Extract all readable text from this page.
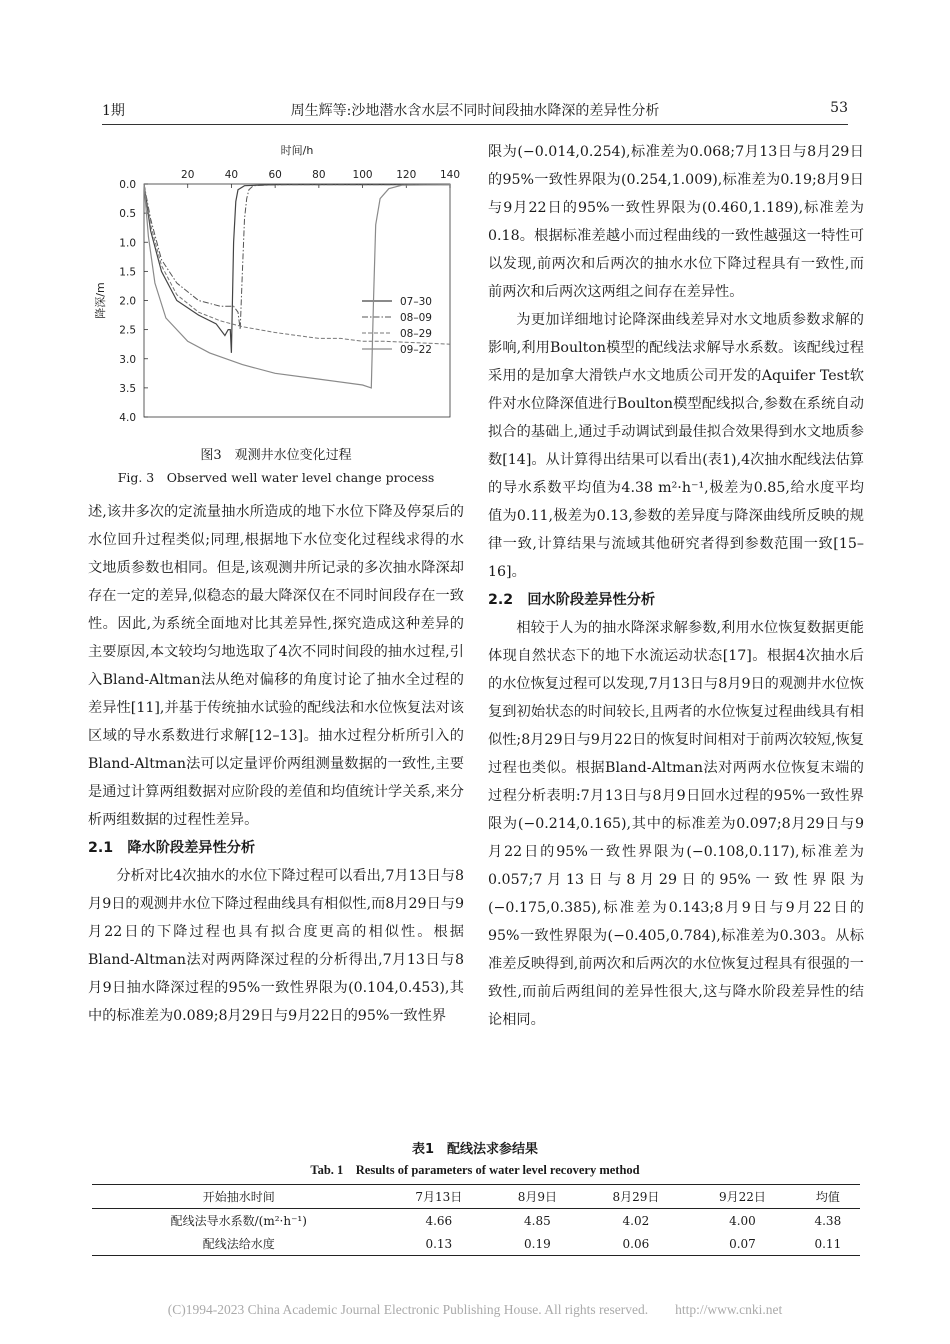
1期	周生辉等:沙地潜水含水层不同时间段抽水降深的差异性分析	53
时间/h
20	40	60	80	100 120 140
0.0
0.5
1.0
1.5
2.0
2.5
3.0
3.5
4.0
降深/m	07–30
08–09
08–29
09–22
图3　观测井水位变化过程
Fig. 3　Observed well water level change process

述,该井多次的定流量抽水所造成的地下水位下降及停泵后的水位回升过程类似;同理,根据地下水位变化过程线求得的水文地质参数也相同。但是,该观测井所记录的多次抽水降深却存在一定的差异,似稳态的最大降深仅在不同时间段存在一致性。因此,为系统全面地对比其差异性,探究造成这种差异的主要原因,本文较均匀地选取了4次不同时间段的抽水过程,引入Bland-Altman法从绝对偏移的角度讨论了抽水全过程的差异性[11],并基于传统抽水试验的配线法和水位恢复法对该区域的导水系数进行求解[12–13]。抽水过程分析所引入的Bland-Altman法可以定量评价两组测量数据的一致性,主要是通过计算两组数据对应阶段的差值和均值统计学关系,来分析两组数据的过程性差异。

2.1　降水阶段差异性分析

分析对比4次抽水的水位下降过程可以看出,7月13日与8月9日的观测井水位下降过程曲线具有相似性,而8月29日与9月22日的下降过程也具有拟合度更高的相似性。根据Bland-Altman法对两两降深过程的分析得出,7月13日与8月9日抽水降深过程的95%一致性界限为(0.104,0.453),其中的标准差为0.089;8月29日与9月22日的95%一致性界

限为(−0.014,0.254),标准差为0.068;7月13日与8月29日的95%一致性界限为(0.254,1.009),标准差为0.19;8月9日与9月22日的95%一致性界限为(0.460,1.189),标准差为0.18。根据标准差越小而过程曲线的一致性越强这一特性可以发现,前两次和后两次的抽水水位下降过程具有一致性,而前两次和后两次这两组之间存在差异性。

为更加详细地讨论降深曲线差异对水文地质参数求解的影响,利用Boulton模型的配线法求解导水系数。该配线过程采用的是加拿大滑铁卢水文地质公司开发的Aquifer Test软件对水位降深值进行Boulton模型配线拟合,参数在系统自动拟合的基础上,通过手动调试到最佳拟合效果得到水文地质参数[14]。从计算得出结果可以看出(表1),4次抽水配线法估算的导水系数平均值为4.38 m²·h⁻¹,极差为0.85,给水度平均值为0.11,极差为0.13,参数的差异度与降深曲线所反映的规律一致,计算结果与流域其他研究者得到参数范围一致[15–16]。

2.2　回水阶段差异性分析

相较于人为的抽水降深求解参数,利用水位恢复数据更能体现自然状态下的地下水流运动状态[17]。根据4次抽水后的水位恢复过程可以发现,7月13日与8月9日的观测井水位恢复到初始状态的时间较长,且两者的水位恢复过程曲线具有相似性;8月29日与9月22日的恢复时间相对于前两次较短,恢复过程也类似。根据Bland-Altman法对两两水位恢复末端的过程分析表明:7月13日与8月9日回水过程的95%一致性界限为(−0.214,0.165),其中的标准差为0.097;8月29日与9月22日的95%一致性界限为(−0.108,0.117),标准差为0.057;7月13日与8月29日的95%一致性界限为(−0.175,0.385),标准差为0.143;8月9日与9月22日的95%一致性界限为(−0.405,0.784),标准差为0.303。从标准差反映得到,前两次和后两次的水位恢复过程具有很强的一致性,而前后两组间的差异性很大,这与降水阶段差异性的结论相同。

表1　配线法求参结果
Tab. 1　Results of parameters of water level recovery method
开始抽水时间	7月13日	8月9日	8月29日	9月22日	均值
配线法导水系数/(m²·h⁻¹)	4.66	4.85	4.02	4.00	4.38
配线法给水度	0.13	0.19	0.06	0.07	0.11
(C)1994-2023 China Academic Journal Electronic Publishing House. All rights reserved.　　http://www.cnki.net
